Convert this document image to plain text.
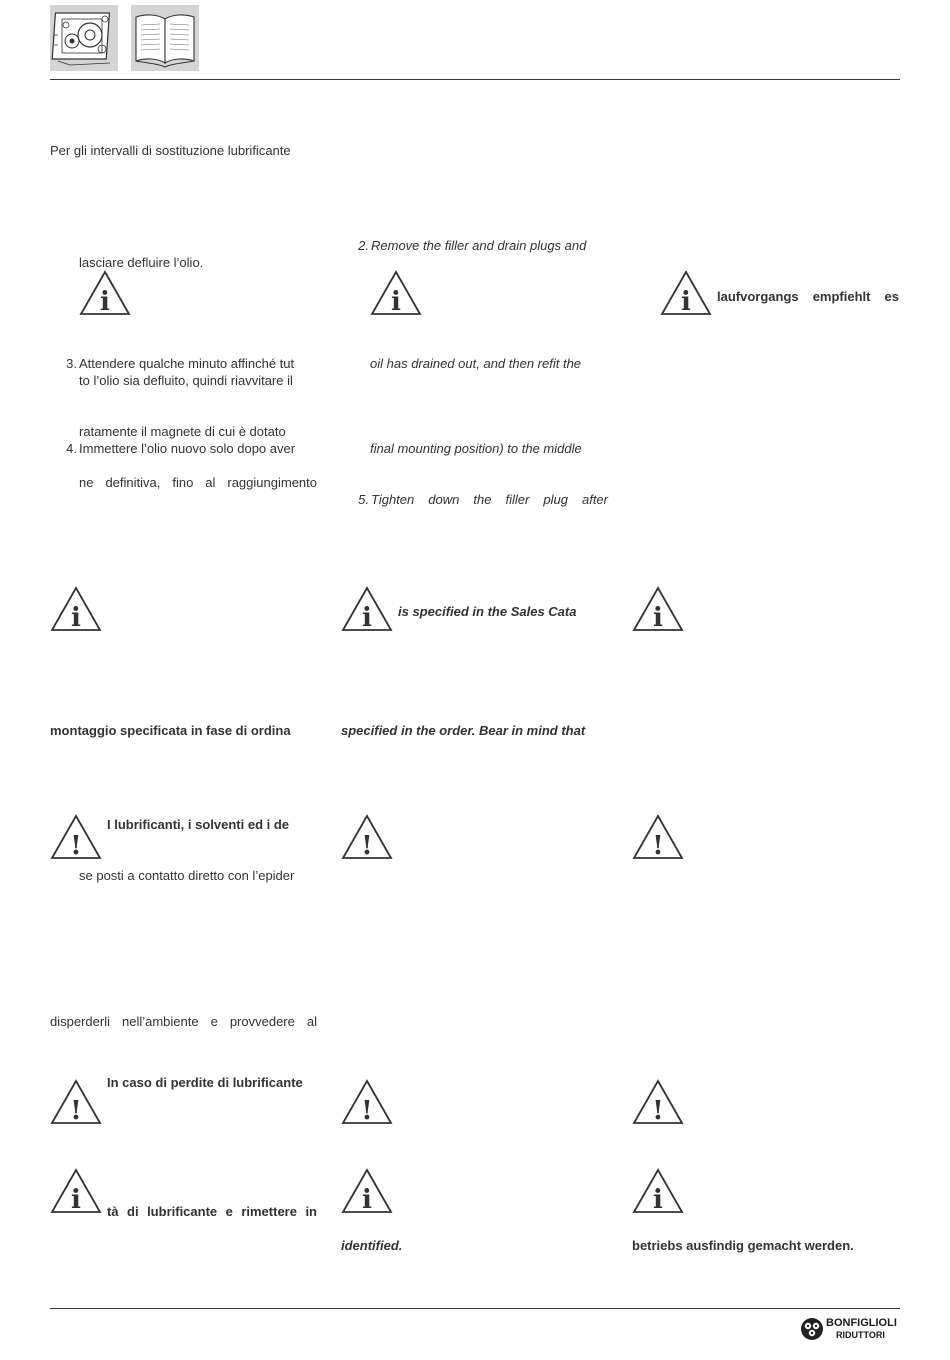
Per gli intervalli di sostituzione lubrificante
lasciare defluire l’olio.
i
3. Attendere qualche minuto affinché tut
to l’olio sia defluito, quindi riavvitare il
ratamente il magnete di cui è dotato
4. Immettere l’olio nuovo solo dopo aver
ne definitiva, fino al raggiungimento
i
montaggio specificata in fase di ordina
!
I lubrificanti, i solventi ed i de
se posti a contatto diretto con l’epider
disperderli nell’ambiente e provvedere al
!
In caso di perdite di lubrificante
i tà di lubrificante e rimettere in
2. Remove the filler and drain plugs and
i
oil has drained out, and then refit the
final mounting position) to the middle
5. Tighten down the filler plug after
i is specified in the Sales Cata
specified in the order. Bear in mind that
!
!
i
identified.
i laufvorgangs empfiehlt es
i
!
!
i
betriebs ausfindig gemacht werden.
BONFIGLIOLI
RIDUTTORI
